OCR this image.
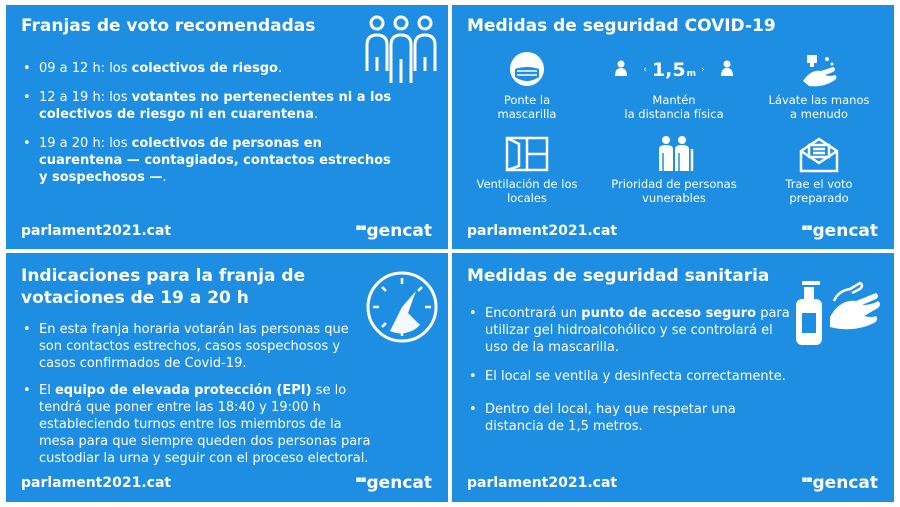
Franjas de voto recomendadas
• 09 a 12 h: los colectivos de riesgo.
• 12 a 19 h: los votantes no pertenecientes ni a los colectivos de riesgo ni en cuarentena.
• 19 a 20 h: los colectivos de personas en cuarentena — contagiados, contactos estrechos y sospechosos —.
parlament2021.cat	▪▪gencat
Medidas de seguridad COVID-19
Ponte la
mascarilla
‹ 1,5 m ›
Mantén
la distancia física
Lávate las manos
a menudo
Ventilación de los
locales
Prioridad de personas
vunerables
Trae el voto
preparado
parlament2021.cat	▪▪gencat
Indicaciones para la franja de
votaciones de 19 a 20 h
• En esta franja horaria votarán las personas que son contactos estrechos, casos sospechosos y casos confirmados de Covid-19.
• El equipo de elevada protección (EPI) se lo tendrá que poner entre las 18:40 y 19:00 h estableciendo turnos entre los miembros de la mesa para que siempre queden dos personas para custodiar la urna y seguir con el proceso electoral.
parlament2021.cat	▪▪gencat
Medidas de seguridad sanitaria
• Encontrará un punto de acceso seguro para utilizar gel hidroalcohólico y se controlará el uso de la mascarilla.
• El local se ventila y desinfecta correctamente.
• Dentro del local, hay que respetar una distancia de 1,5 metros.
parlament2021.cat	▪▪gencat
